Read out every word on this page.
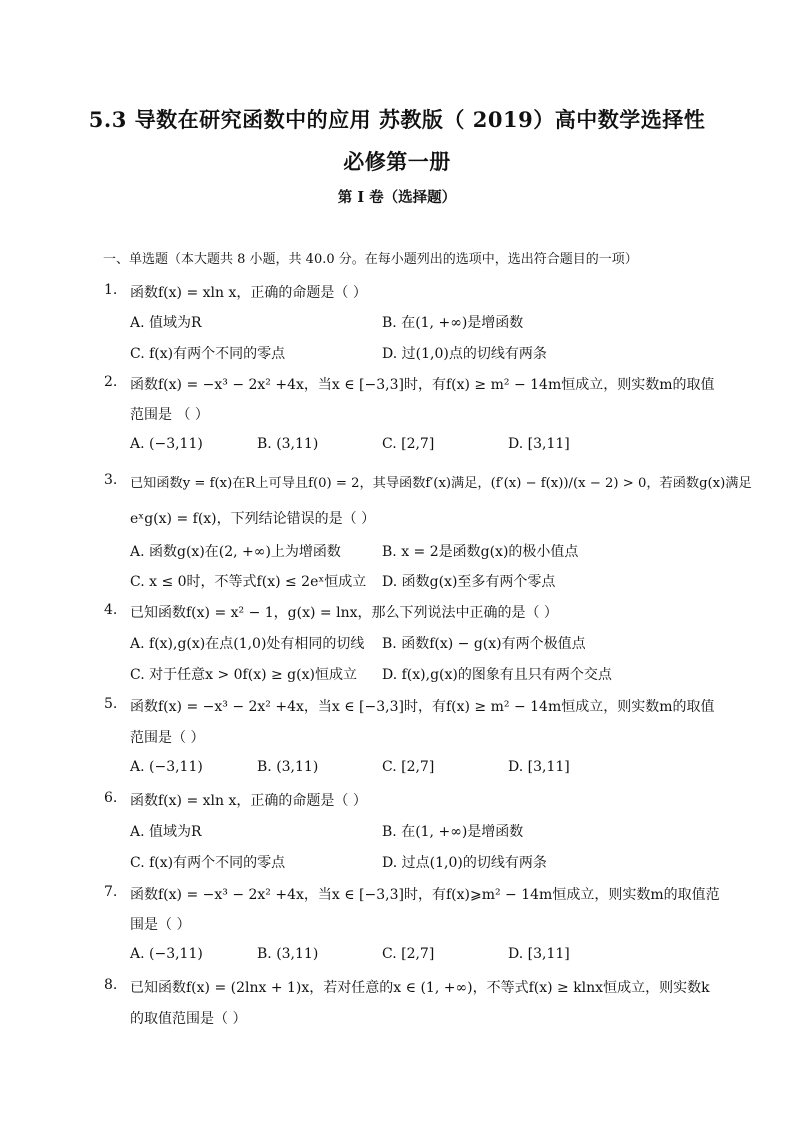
5.3 导数在研究函数中的应用 苏教版（ 2019）高中数学选择性
必修第一册
第 I 卷（选择题）
一、单选题（本大题共 8 小题，共 40.0 分。在每小题列出的选项中，选出符合题目的一项）
1. 函数f(x) = xln x，正确的命题是（ ）
A. 值域为R	B. 在(1, +∞)是增函数
C. f(x)有两个不同的零点	D. 过(1,0)点的切线有两条
2. 函数f(x) = −x³ − 2x² +4x，当x ∈ [−3,3]时，有f(x) ≥ m² − 14m恒成立，则实数m的取值
范围是 （ ）
A. (−3,11)	B. (3,11)	C. [2,7]	D. [3,11]
3. 已知函数y = f(x)在R上可导且f(0) = 2，其导函数f′(x)满足，(f′(x) − f(x))/(x − 2) > 0，若函数g(x)满足
eˣg(x) = f(x)，下列结论错误的是（ ）
A. 函数g(x)在(2, +∞)上为增函数	B. x = 2是函数g(x)的极小值点
C. x ≤ 0时，不等式f(x) ≤ 2eˣ恒成立 D. 函数g(x)至多有两个零点
4. 已知函数f(x) = x² − 1，g(x) = lnx，那么下列说法中正确的是（ ）
A. f(x),g(x)在点(1,0)处有相同的切线 B. 函数f(x) − g(x)有两个极值点
C. 对于任意x > 0f(x) ≥ g(x)恒成立 D. f(x),g(x)的图象有且只有两个交点
5. 函数f(x) = −x³ − 2x² +4x，当x ∈ [−3,3]时，有f(x) ≥ m² − 14m恒成立，则实数m的取值
范围是（ ）
A. (−3,11)	B. (3,11)	C. [2,7]	D. [3,11]
6. 函数f(x) = xln x，正确的命题是（ ）
A. 值域为R	B. 在(1, +∞)是增函数
C. f(x)有两个不同的零点	D. 过点(1,0)的切线有两条
7. 函数f(x) = −x³ − 2x² +4x，当x ∈ [−3,3]时，有f(x)⩾m² − 14m恒成立，则实数m的取值范
围是（ ）
A. (−3,11)	B. (3,11)	C. [2,7]	D. [3,11]
8. 已知函数f(x) = (2lnx + 1)x，若对任意的x ∈ (1, +∞)，不等式f(x) ≥ klnx恒成立，则实数k
的取值范围是（ ）
